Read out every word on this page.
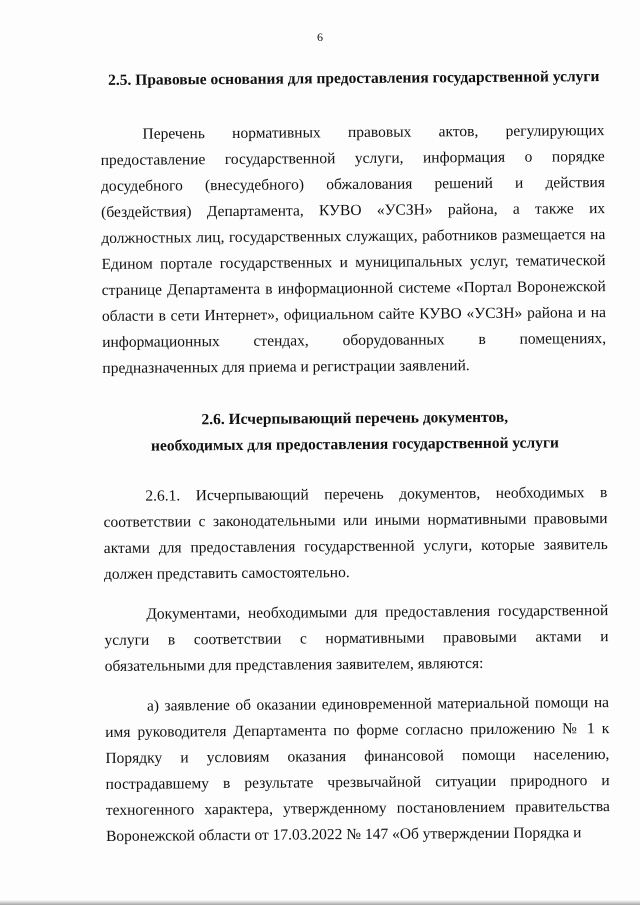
6
2.5. Правовые основания для предоставления государственной услуги

Перечень нормативных правовых актов, регулирующих предоставление государственной услуги, информация о порядке досудебного (внесудебного) обжалования решений и действия (бездействия) Департамента, КУВО «УСЗН» района, а также их должностных лиц, государственных служащих, работников размещается на Едином портале государственных и муниципальных услуг, тематической странице Департамента в информационной системе «Портал Воронежской области в сети Интернет», официальном сайте КУВО «УСЗН» района и на информационных стендах, оборудованных в помещениях, предназначенных для приема и регистрации заявлений.

2.6. Исчерпывающий перечень документов,
необходимых для предоставления государственной услуги

2.6.1. Исчерпывающий перечень документов, необходимых в соответствии с законодательными или иными нормативными правовыми актами для предоставления государственной услуги, которые заявитель должен представить самостоятельно.

Документами, необходимыми для предоставления государственной услуги в соответствии с нормативными правовыми актами и обязательными для представления заявителем, являются:

а) заявление об оказании единовременной материальной помощи на имя руководителя Департамента по форме согласно приложению № 1 к Порядку и условиям оказания финансовой помощи населению, пострадавшему в результате чрезвычайной ситуации природного и техногенного характера, утвержденному постановлением правительства Воронежской области от 17.03.2022 № 147 «Об утверждении Порядка и
